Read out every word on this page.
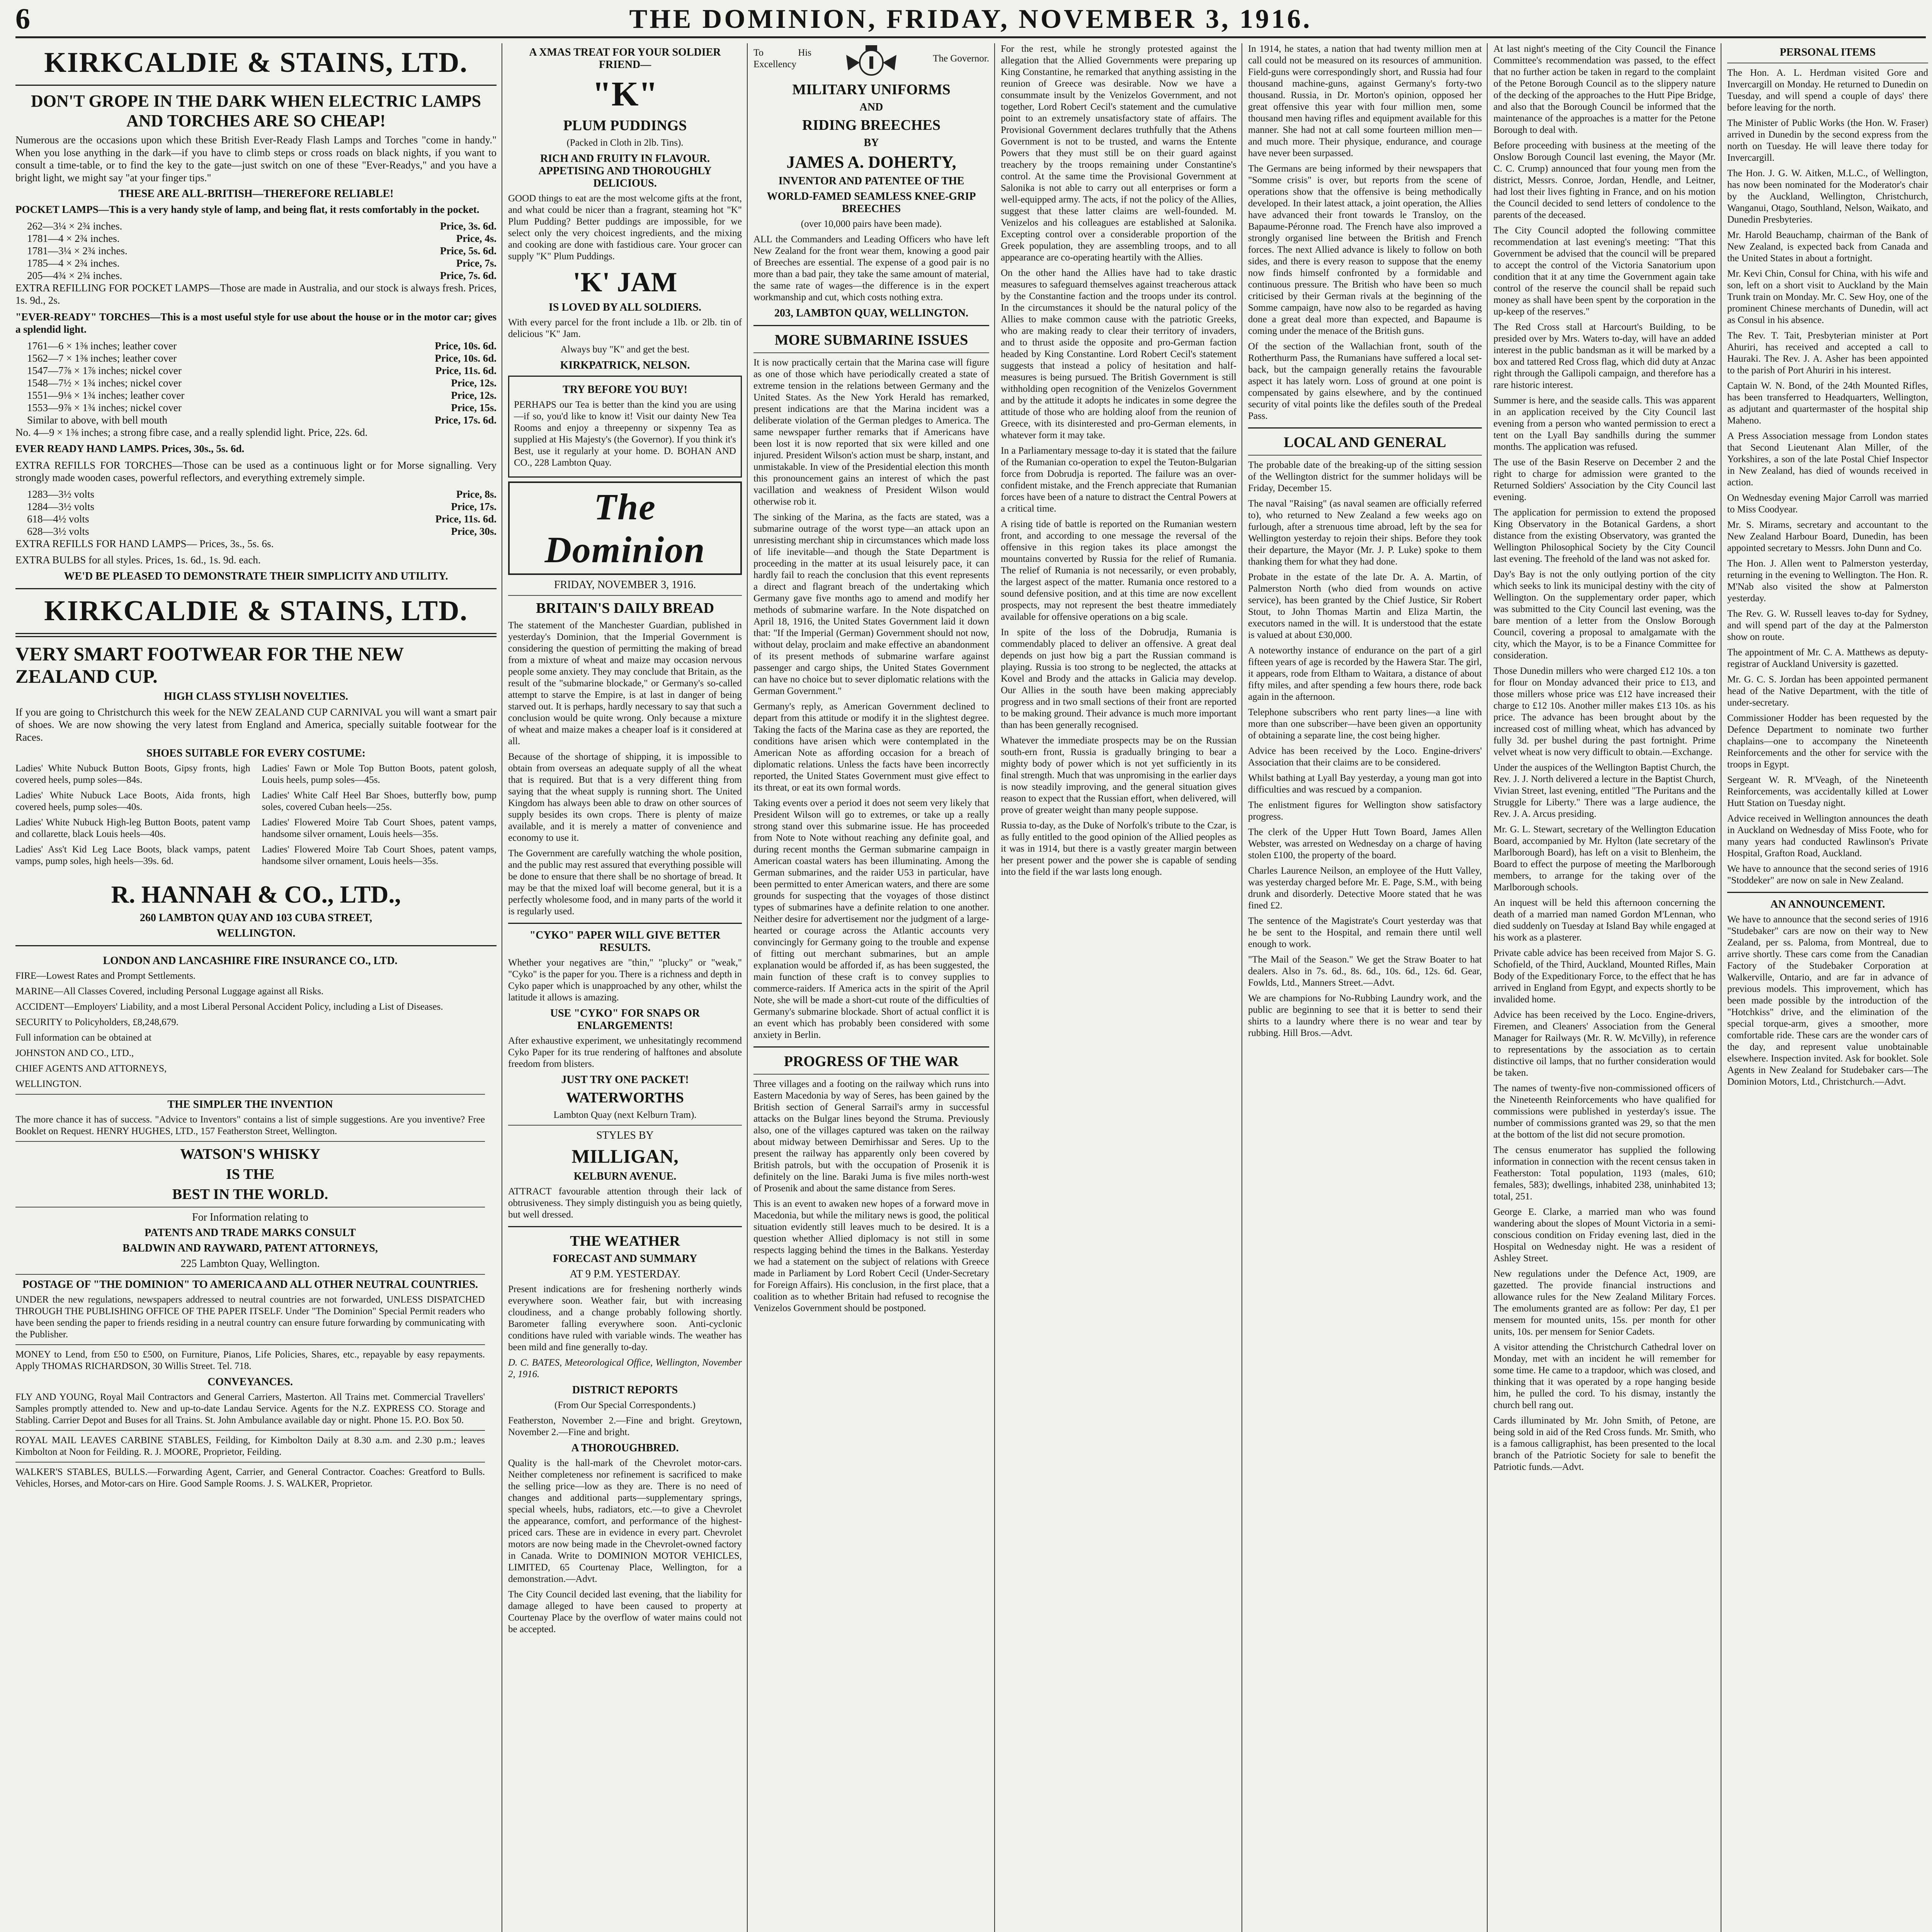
6	THE DOMINION, FRIDAY, NOVEMBER 3, 1916.
KIRKCALDIE & STAINS, LTD.
DON'T GROPE IN THE DARK WHEN ELECTRIC LAMPS AND TORCHES ARE SO CHEAP!

Numerous are the occasions upon which these British Ever-Ready Flash Lamps and Torches "come in handy." When you lose anything in the dark—if you have to climb steps or cross roads on black nights, if you want to consult a time-table, or to find the key to the gate—just switch on one of these "Ever-Readys," and you have a bright light, we might say "at your finger tips."

THESE ARE ALL-BRITISH—THEREFORE RELIABLE!

POCKET LAMPS—This is a very handy style of lamp, and being flat, it rests comfortably in the pocket.

262—3¼ × 2¾ inches.	Price, 3s. 6d.
1781—4 × 2¾ inches.	Price, 4s.
1781—3¼ × 2¾ inches.	Price, 5s. 6d.
1785—4 × 2¾ inches.	Price, 7s.
205—4¾ × 2¾ inches.	Price, 7s. 6d.

EXTRA REFILLING FOR POCKET LAMPS—Those are made in Australia, and our stock is always fresh. Prices, 1s. 9d., 2s.

"EVER-READY" TORCHES—This is a most useful style for use about the house or in the motor car; gives a splendid light.

1761—6 × 1⅜ inches; leather cover	Price, 10s. 6d.
1562—7 × 1⅜ inches; leather cover	Price, 10s. 6d.
1547—7⅞ × 1⅞ inches; nickel cover	Price, 11s. 6d.
1548—7½ × 1¾ inches; nickel cover	Price, 12s.
1551—9⅛ × 1¾ inches; leather cover	Price, 12s.
1553—9⅞ × 1¾ inches; nickel cover	Price, 15s.
Similar to above, with bell mouth	Price, 17s. 6d.

No. 4—9 × 1⅜ inches; a strong fibre case, and a really splendid light. Price, 22s. 6d.

EVER READY HAND LAMPS. Prices, 30s., 5s. 6d.

EXTRA REFILLS FOR TORCHES—Those can be used as a continuous light or for Morse signalling. Very strongly made wooden cases, powerful reflectors, and everything extremely simple.

1283—3½ volts	Price, 8s.
1284—3½ volts	Price, 17s.
618—4½ volts	Price, 11s. 6d.
628—3½ volts	Price, 30s.

EXTRA REFILLS FOR HAND LAMPS— Prices, 3s., 5s. 6s.

EXTRA BULBS for all styles. Prices, 1s. 6d., 1s. 9d. each.

WE'D BE PLEASED TO DEMONSTRATE THEIR SIMPLICITY AND UTILITY.
KIRKCALDIE & STAINS, LTD.
VERY SMART FOOTWEAR FOR THE NEW ZEALAND CUP.
HIGH CLASS STYLISH NOVELTIES.

If you are going to Christchurch this week for the NEW ZEALAND CUP CARNIVAL you will want a smart pair of shoes. We are now showing the very latest from England and America, specially suitable footwear for the Races.

SHOES SUITABLE FOR EVERY COSTUME:

Ladies' White Nubuck Button Boots, Gipsy fronts, high covered heels, pump soles—84s.

Ladies' White Nubuck Lace Boots, Aida fronts, high covered heels, pump soles—40s.

Ladies' White Nubuck High-leg Button Boots, patent vamp and collarette, black Louis heels—40s.

Ladies' Ass't Kid Leg Lace Boots, black vamps, patent vamps, pump soles, high heels—39s. 6d.

Ladies' Fawn or Mole Top Button Boots, patent golosh, Louis heels, pump soles—45s.

Ladies' White Calf Heel Bar Shoes, butterfly bow, pump soles, covered Cuban heels—25s.

Ladies' Flowered Moire Tab Court Shoes, patent vamps, handsome silver ornament, Louis heels—35s.

Ladies' Flowered Moire Tab Court Shoes, patent vamps, handsome silver ornament, Louis heels—35s.

R. HANNAH & CO., LTD.,
260 LAMBTON QUAY AND 103 CUBA STREET,
WELLINGTON.
LONDON AND LANCASHIRE FIRE INSURANCE CO., LTD.

FIRE—Lowest Rates and Prompt Settlements.

MARINE—All Classes Covered, including Personal Luggage against all Risks.

ACCIDENT—Employers' Liability, and a most Liberal Personal Accident Policy, including a List of Diseases.

SECURITY to Policyholders, £8,248,679.

Full information can be obtained at

JOHNSTON AND CO., LTD.,

CHIEF AGENTS AND ATTORNEYS,

WELLINGTON.

THE SIMPLER THE INVENTION

The more chance it has of success. "Advice to Inventors" contains a list of simple suggestions. Are you inventive? Free Booklet on Request. HENRY HUGHES, LTD., 157 Featherston Street, Wellington.

WATSON'S WHISKY
IS THE
BEST IN THE WORLD.
For Information relating to
PATENTS AND TRADE MARKS CONSULT
BALDWIN AND RAYWARD, PATENT ATTORNEYS,
225 Lambton Quay, Wellington.
POSTAGE OF "THE DOMINION" TO AMERICA AND ALL OTHER NEUTRAL COUNTRIES.

UNDER the new regulations, newspapers addressed to neutral countries are not forwarded, UNLESS DISPATCHED THROUGH THE PUBLISHING OFFICE OF THE PAPER ITSELF. Under "The Dominion" Special Permit readers who have been sending the paper to friends residing in a neutral country can ensure future forwarding by communicating with the Publisher.

MONEY to Lend, from £50 to £500, on Furniture, Pianos, Life Policies, Shares, etc., repayable by easy repayments. Apply THOMAS RICHARDSON, 30 Willis Street. Tel. 718.

CONVEYANCES.

FLY AND YOUNG, Royal Mail Contractors and General Carriers, Masterton. All Trains met. Commercial Travellers' Samples promptly attended to. New and up-to-date Landau Service. Agents for the N.Z. EXPRESS CO. Storage and Stabling. Carrier Depot and Buses for all Trains. St. John Ambulance available day or night. Phone 15. P.O. Box 50.

ROYAL MAIL LEAVES CARBINE STABLES, Feilding, for Kimbolton Daily at 8.30 a.m. and 2.30 p.m.; leaves Kimbolton at Noon for Feilding. R. J. MOORE, Proprietor, Feilding.

WALKER'S STABLES, BULLS.—Forwarding Agent, Carrier, and General Contractor. Coaches: Greatford to Bulls. Vehicles, Horses, and Motor-cars on Hire. Good Sample Rooms. J. S. WALKER, Proprietor.

A XMAS TREAT FOR YOUR SOLDIER FRIEND—
"K"
PLUM PUDDINGS
(Packed in Cloth in 2lb. Tins).
RICH AND FRUITY IN FLAVOUR. APPETISING AND THOROUGHLY DELICIOUS.

GOOD things to eat are the most welcome gifts at the front, and what could be nicer than a fragrant, steaming hot "K" Plum Pudding? Better puddings are impossible, for we select only the very choicest ingredients, and the mixing and cooking are done with fastidious care. Your grocer can supply "K" Plum Puddings.

'K' JAM
IS LOVED BY ALL SOLDIERS.

With every parcel for the front include a 1lb. or 2lb. tin of delicious "K" Jam.

Always buy "K" and get the best.

KIRKPATRICK, NELSON.
TRY BEFORE YOU BUY!

PERHAPS our Tea is better than the kind you are using—if so, you'd like to know it! Visit our dainty New Tea Rooms and enjoy a threepenny or sixpenny Tea as supplied at His Majesty's (the Governor). If you think it's Best, use it regularly at your home. D. BOHAN AND CO., 228 Lambton Quay.

The Dominion
FRIDAY, NOVEMBER 3, 1916.
BRITAIN'S DAILY BREAD

The statement of the Manchester Guardian, published in yesterday's Dominion, that the Imperial Government is considering the question of permitting the making of bread from a mixture of wheat and maize may occasion nervous people some anxiety. They may conclude that Britain, as the result of the "submarine blockade," or Germany's so-called attempt to starve the Empire, is at last in danger of being starved out. It is perhaps, hardly necessary to say that such a conclusion would be quite wrong. Only because a mixture of wheat and maize makes a cheaper loaf is it considered at all.

Because of the shortage of shipping, it is impossible to obtain from overseas an adequate supply of all the wheat that is required. But that is a very different thing from saying that the wheat supply is running short. The United Kingdom has always been able to draw on other sources of supply besides its own crops. There is plenty of maize available, and it is merely a matter of convenience and economy to use it.

The Government are carefully watching the whole position, and the public may rest assured that everything possible will be done to ensure that there shall be no shortage of bread. It may be that the mixed loaf will become general, but it is a perfectly wholesome food, and in many parts of the world it is regularly used.

"CYKO" PAPER WILL GIVE BETTER RESULTS.

Whether your negatives are "thin," "plucky" or "weak," "Cyko" is the paper for you. There is a richness and depth in Cyko paper which is unapproached by any other, whilst the latitude it allows is amazing.

USE "CYKO" FOR SNAPS OR ENLARGEMENTS!

After exhaustive experiment, we unhesitatingly recommend Cyko Paper for its true rendering of halftones and absolute freedom from blisters.

JUST TRY ONE PACKET!
WATERWORTHS
Lambton Quay (next Kelburn Tram).
STYLES BY
MILLIGAN,
KELBURN AVENUE.

ATTRACT favourable attention through their lack of obtrusiveness. They simply distinguish you as being quietly, but well dressed.

THE WEATHER
FORECAST AND SUMMARY
AT 9 P.M. YESTERDAY.

Present indications are for freshening northerly winds everywhere soon. Weather fair, but with increasing cloudiness, and a change probably following shortly. Barometer falling everywhere soon. Anti-cyclonic conditions have ruled with variable winds. The weather has been mild and fine generally to-day.

D. C. BATES, Meteorological Office, Wellington, November 2, 1916.

DISTRICT REPORTS
(From Our Special Correspondents.)

Featherston, November 2.—Fine and bright. Greytown, November 2.—Fine and bright.

A THOROUGHBRED.

Quality is the hall-mark of the Chevrolet motor-cars. Neither completeness nor refinement is sacrificed to make the selling price—low as they are. There is no need of changes and additional parts—supplementary springs, special wheels, hubs, radiators, etc.—to give a Chevrolet the appearance, comfort, and performance of the highest-priced cars. These are in evidence in every part. Chevrolet motors are now being made in the Chevrolet-owned factory in Canada. Write to DOMINION MOTOR VEHICLES, LIMITED, 65 Courtenay Place, Wellington, for a demonstration.—Advt.

The City Council decided last evening, that the liability for damage alleged to have been caused to property at Courtenay Place by the overflow of water mains could not be accepted.

To His Excellency
The Governor.
MILITARY UNIFORMS
AND
RIDING BREECHES
BY
JAMES A. DOHERTY,
INVENTOR AND PATENTEE OF THE
WORLD-FAMED SEAMLESS KNEE-GRIP BREECHES
(over 10,000 pairs have been made).

ALL the Commanders and Leading Officers who have left New Zealand for the front wear them, knowing a good pair of Breeches are essential. The expense of a good pair is no more than a bad pair, they take the same amount of material, the same rate of wages—the difference is in the expert workmanship and cut, which costs nothing extra.

203, LAMBTON QUAY, WELLINGTON.
MORE SUBMARINE ISSUES

It is now practically certain that the Marina case will figure as one of those which have periodically created a state of extreme tension in the relations between Germany and the United States. As the New York Herald has remarked, present indications are that the Marina incident was a deliberate violation of the German pledges to America. The same newspaper further remarks that if Americans have been lost it is now reported that six were killed and one injured. President Wilson's action must be sharp, instant, and unmistakable. In view of the Presidential election this month this pronouncement gains an interest of which the past vacillation and weakness of President Wilson would otherwise rob it.

The sinking of the Marina, as the facts are stated, was a submarine outrage of the worst type—an attack upon an unresisting merchant ship in circumstances which made loss of life inevitable—and though the State Department is proceeding in the matter at its usual leisurely pace, it can hardly fail to reach the conclusion that this event represents a direct and flagrant breach of the undertaking which Germany gave five months ago to amend and modify her methods of submarine warfare. In the Note dispatched on April 18, 1916, the United States Government laid it down that: "If the Imperial (German) Government should not now, without delay, proclaim and make effective an abandonment of its present methods of submarine warfare against passenger and cargo ships, the United States Government can have no choice but to sever diplomatic relations with the German Government."

Germany's reply, as American Government declined to depart from this attitude or modify it in the slightest degree. Taking the facts of the Marina case as they are reported, the conditions have arisen which were contemplated in the American Note as affording occasion for a breach of diplomatic relations. Unless the facts have been incorrectly reported, the United States Government must give effect to its threat, or eat its own formal words.

Taking events over a period it does not seem very likely that President Wilson will go to extremes, or take up a really strong stand over this submarine issue. He has proceeded from Note to Note without reaching any definite goal, and during recent months the German submarine campaign in American coastal waters has been illuminating. Among the German submarines, and the raider U53 in particular, have been permitted to enter American waters, and there are some grounds for suspecting that the voyages of those distinct types of submarines have a definite relation to one another. Neither desire for advertisement nor the judgment of a large-hearted or courage across the Atlantic accounts very convincingly for Germany going to the trouble and expense of fitting out merchant submarines, but an ample explanation would be afforded if, as has been suggested, the main function of these craft is to convey supplies to commerce-raiders. If America acts in the spirit of the April Note, she will be made a short-cut route of the difficulties of Germany's submarine blockade. Short of actual conflict it is an event which has probably been considered with some anxiety in Berlin.

PROGRESS OF THE WAR

Three villages and a footing on the railway which runs into Eastern Macedonia by way of Seres, has been gained by the British section of General Sarrail's army in successful attacks on the Bulgar lines beyond the Struma. Previously also, one of the villages captured was taken on the railway about midway between Demirhissar and Seres. Up to the present the railway has apparently only been covered by British patrols, but with the occupation of Prosenik it is definitely on the line. Baraki Juma is five miles north-west of Prosenik and about the same distance from Seres.

This is an event to awaken new hopes of a forward move in Macedonia, but while the military news is good, the political situation evidently still leaves much to be desired. It is a question whether Allied diplomacy is not still in some respects lagging behind the times in the Balkans. Yesterday we had a statement on the subject of relations with Greece made in Parliament by Lord Robert Cecil (Under-Secretary for Foreign Affairs). His conclusion, in the first place, that a coalition as to whether Britain had refused to recognise the Venizelos Government should be postponed.

For the rest, while he strongly protested against the allegation that the Allied Governments were preparing up King Constantine, he remarked that anything assisting in the reunion of Greece was desirable. Now we have a consummate insult by the Venizelos Government, and not together, Lord Robert Cecil's statement and the cumulative point to an extremely unsatisfactory state of affairs. The Provisional Government declares truthfully that the Athens Government is not to be trusted, and warns the Entente Powers that they must still be on their guard against treachery by the troops remaining under Constantine's control. At the same time the Provisional Government at Salonika is not able to carry out all enterprises or form a well-equipped army. The acts, if not the policy of the Allies, suggest that these latter claims are well-founded. M. Venizelos and his colleagues are established at Salonika. Excepting control over a considerable proportion of the Greek population, they are assembling troops, and to all appearance are co-operating heartily with the Allies.

On the other hand the Allies have had to take drastic measures to safeguard themselves against treacherous attack by the Constantine faction and the troops under its control. In the circumstances it should be the natural policy of the Allies to make common cause with the patriotic Greeks, who are making ready to clear their territory of invaders, and to thrust aside the opposite and pro-German faction headed by King Constantine. Lord Robert Cecil's statement suggests that instead a policy of hesitation and half-measures is being pursued. The British Government is still withholding open recognition of the Venizelos Government and by the attitude it adopts he indicates in some degree the attitude of those who are holding aloof from the reunion of Greece, with its disinterested and pro-German elements, in whatever form it may take.

In a Parliamentary message to-day it is stated that the failure of the Rumanian co-operation to expel the Teuton-Bulgarian force from Dobrudja is reported. The failure was an over-confident mistake, and the French appreciate that Rumanian forces have been of a nature to distract the Central Powers at a critical time.

A rising tide of battle is reported on the Rumanian western front, and according to one message the reversal of the offensive in this region takes its place amongst the mountains converted by Russia for the relief of Rumania. The relief of Rumania is not necessarily, or even probably, the largest aspect of the matter. Rumania once restored to a sound defensive position, and at this time are now excellent prospects, may not represent the best theatre immediately available for offensive operations on a big scale.

In spite of the loss of the Dobrudja, Rumania is commendably placed to deliver an offensive. A great deal depends on just how big a part the Russian command is playing. Russia is too strong to be neglected, the attacks at Kovel and Brody and the attacks in Galicia may develop. Our Allies in the south have been making appreciably progress and in two small sections of their front are reported to be making ground. Their advance is much more important than has been generally recognised.

Whatever the immediate prospects may be on the Russian south-ern front, Russia is gradually bringing to bear a mighty body of power which is not yet sufficiently in its final strength. Much that was unpromising in the earlier days is now steadily improving, and the general situation gives reason to expect that the Russian effort, when delivered, will prove of greater weight than many people suppose.

Russia to-day, as the Duke of Norfolk's tribute to the Czar, is as fully entitled to the good opinion of the Allied peoples as it was in 1914, but there is a vastly greater margin between her present power and the power she is capable of sending into the field if the war lasts long enough.

In 1914, he states, a nation that had twenty million men at call could not be measured on its resources of ammunition. Field-guns were correspondingly short, and Russia had four thousand machine-guns, against Germany's forty-two thousand. Russia, in Dr. Morton's opinion, opposed her great offensive this year with four million men, some thousand men having rifles and equipment available for this manner. She had not at call some fourteen million men—and much more. Their physique, endurance, and courage have never been surpassed.

The Germans are being informed by their newspapers that "Somme crisis" is over, but reports from the scene of operations show that the offensive is being methodically developed. In their latest attack, a joint operation, the Allies have advanced their front towards le Transloy, on the Bapaume-Péronne road. The French have also improved a strongly organised line between the British and French forces. The next Allied advance is likely to follow on both sides, and there is every reason to suppose that the enemy now finds himself confronted by a formidable and continuous pressure. The British who have been so much criticised by their German rivals at the beginning of the Somme campaign, have now also to be regarded as having done a great deal more than expected, and Bapaume is coming under the menace of the British guns.

Of the section of the Wallachian front, south of the Rotherthurm Pass, the Rumanians have suffered a local set-back, but the campaign generally retains the favourable aspect it has lately worn. Loss of ground at one point is compensated by gains elsewhere, and by the continued security of vital points like the defiles south of the Predeal Pass.

LOCAL AND GENERAL

The probable date of the breaking-up of the sitting session of the Wellington district for the summer holidays will be Friday, December 15.

The naval "Raising" (as naval seamen are officially referred to), who returned to New Zealand a few weeks ago on furlough, after a strenuous time abroad, left by the sea for Wellington yesterday to rejoin their ships. Before they took their departure, the Mayor (Mr. J. P. Luke) spoke to them thanking them for what they had done.

Probate in the estate of the late Dr. A. A. Martin, of Palmerston North (who died from wounds on active service), has been granted by the Chief Justice, Sir Robert Stout, to John Thomas Martin and Eliza Martin, the executors named in the will. It is understood that the estate is valued at about £30,000.

A noteworthy instance of endurance on the part of a girl fifteen years of age is recorded by the Hawera Star. The girl, it appears, rode from Eltham to Waitara, a distance of about fifty miles, and after spending a few hours there, rode back again in the afternoon.

Telephone subscribers who rent party lines—a line with more than one subscriber—have been given an opportunity of obtaining a separate line, the cost being higher.

Advice has been received by the Loco. Engine-drivers' Association that their claims are to be considered.

Whilst bathing at Lyall Bay yesterday, a young man got into difficulties and was rescued by a companion.

The enlistment figures for Wellington show satisfactory progress.

The clerk of the Upper Hutt Town Board, James Allen Webster, was arrested on Wednesday on a charge of having stolen £100, the property of the board.

Charles Laurence Neilson, an employee of the Hutt Valley, was yesterday charged before Mr. E. Page, S.M., with being drunk and disorderly. Detective Moore stated that he was fined £2.

The sentence of the Magistrate's Court yesterday was that he be sent to the Hospital, and remain there until well enough to work.

"The Mail of the Season." We get the Straw Boater to hat dealers. Also in 7s. 6d., 8s. 6d., 10s. 6d., 12s. 6d. Gear, Fowlds, Ltd., Manners Street.—Advt.

We are champions for No-Rubbing Laundry work, and the public are beginning to see that it is better to send their shirts to a laundry where there is no wear and tear by rubbing. Hill Bros.—Advt.

At last night's meeting of the City Council the Finance Committee's recommendation was passed, to the effect that no further action be taken in regard to the complaint of the Petone Borough Council as to the slippery nature of the decking of the approaches to the Hutt Pipe Bridge, and also that the Borough Council be informed that the maintenance of the approaches is a matter for the Petone Borough to deal with.

Before proceeding with business at the meeting of the Onslow Borough Council last evening, the Mayor (Mr. C. C. Crump) announced that four young men from the district, Messrs. Conroe, Jordan, Hendle, and Leitner, had lost their lives fighting in France, and on his motion the Council decided to send letters of condolence to the parents of the deceased.

The City Council adopted the following committee recommendation at last evening's meeting: "That this Government be advised that the council will be prepared to accept the control of the Victoria Sanatorium upon condition that it at any time the Government again take control of the reserve the council shall be repaid such money as shall have been spent by the corporation in the up-keep of the reserves."

The Red Cross stall at Harcourt's Building, to be presided over by Mrs. Waters to-day, will have an added interest in the public bandsman as it will be marked by a box and tattered Red Cross flag, which did duty at Anzac right through the Gallipoli campaign, and therefore has a rare historic interest.

Summer is here, and the seaside calls. This was apparent in an application received by the City Council last evening from a person who wanted permission to erect a tent on the Lyall Bay sandhills during the summer months. The application was refused.

The use of the Basin Reserve on December 2 and the right to charge for admission were granted to the Returned Soldiers' Association by the City Council last evening.

The application for permission to extend the proposed King Observatory in the Botanical Gardens, a short distance from the existing Observatory, was granted the Wellington Philosophical Society by the City Council last evening. The freehold of the land was not asked for.

Day's Bay is not the only outlying portion of the city which seeks to link its municipal destiny with the city of Wellington. On the supplementary order paper, which was submitted to the City Council last evening, was the bare mention of a letter from the Onslow Borough Council, covering a proposal to amalgamate with the city, which the Mayor, is to be a Finance Committee for consideration.

Those Dunedin millers who were charged £12 10s. a ton for flour on Monday advanced their price to £13, and those millers whose price was £12 have increased their charge to £12 10s. Another miller makes £13 10s. as his price. The advance has been brought about by the increased cost of milling wheat, which has advanced by fully 3d. per bushel during the past fortnight. Prime velvet wheat is now very difficult to obtain.—Exchange.

Under the auspices of the Wellington Baptist Church, the Rev. J. J. North delivered a lecture in the Baptist Church, Vivian Street, last evening, entitled "The Puritans and the Struggle for Liberty." There was a large audience, the Rev. J. A. Arcus presiding.

Mr. G. L. Stewart, secretary of the Wellington Education Board, accompanied by Mr. Hylton (late secretary of the Marlborough Board), has left on a visit to Blenheim, the Board to effect the purpose of meeting the Marlborough members, to arrange for the taking over of the Marlborough schools.

An inquest will be held this afternoon concerning the death of a married man named Gordon M'Lennan, who died suddenly on Tuesday at Island Bay while engaged at his work as a plasterer.

Private cable advice has been received from Major S. G. Schofield, of the Third, Auckland, Mounted Rifles, Main Body of the Expeditionary Force, to the effect that he has arrived in England from Egypt, and expects shortly to be invalided home.

Advice has been received by the Loco. Engine-drivers, Firemen, and Cleaners' Association from the General Manager for Railways (Mr. R. W. McVilly), in reference to representations by the association as to certain distinctive oil lamps, that no further consideration would be taken.

The names of twenty-five non-commissioned officers of the Nineteenth Reinforcements who have qualified for commissions were published in yesterday's issue. The number of commissions granted was 29, so that the men at the bottom of the list did not secure promotion.

The census enumerator has supplied the following information in connection with the recent census taken in Featherston: Total population, 1193 (males, 610; females, 583); dwellings, inhabited 238, uninhabited 13; total, 251.

George E. Clarke, a married man who was found wandering about the slopes of Mount Victoria in a semi-conscious condition on Friday evening last, died in the Hospital on Wednesday night. He was a resident of Ashley Street.

New regulations under the Defence Act, 1909, are gazetted. The provide financial instructions and allowance rules for the New Zealand Military Forces. The emoluments granted are as follow: Per day, £1 per mensem for mounted units, 15s. per month for other units, 10s. per mensem for Senior Cadets.

A visitor attending the Christchurch Cathedral lover on Monday, met with an incident he will remember for some time. He came to a trapdoor, which was closed, and thinking that it was operated by a rope hanging beside him, he pulled the cord. To his dismay, instantly the church bell rang out.

Cards illuminated by Mr. John Smith, of Petone, are being sold in aid of the Red Cross funds. Mr. Smith, who is a famous calligraphist, has been presented to the local branch of the Patriotic Society for sale to benefit the Patriotic funds.—Advt.

PERSONAL ITEMS

The Hon. A. L. Herdman visited Gore and Invercargill on Monday. He returned to Dunedin on Tuesday, and will spend a couple of days' there before leaving for the north.

The Minister of Public Works (the Hon. W. Fraser) arrived in Dunedin by the second express from the north on Tuesday. He will leave there today for Invercargill.

The Hon. J. G. W. Aitken, M.L.C., of Wellington, has now been nominated for the Moderator's chair by the Auckland, Wellington, Christchurch, Wanganui, Otago, Southland, Nelson, Waikato, and Dunedin Presbyteries.

Mr. Harold Beauchamp, chairman of the Bank of New Zealand, is expected back from Canada and the United States in about a fortnight.

Mr. Kevi Chin, Consul for China, with his wife and son, left on a short visit to Auckland by the Main Trunk train on Monday. Mr. C. Sew Hoy, one of the prominent Chinese merchants of Dunedin, will act as Consul in his absence.

The Rev. T. Tait, Presbyterian minister at Port Ahuriri, has received and accepted a call to Hauraki. The Rev. J. A. Asher has been appointed to the parish of Port Ahuriri in his interest.

Captain W. N. Bond, of the 24th Mounted Rifles, has been transferred to Headquarters, Wellington, as adjutant and quartermaster of the hospital ship Maheno.

A Press Association message from London states that Second Lieutenant Alan Miller, of the Yorkshires, a son of the late Postal Chief Inspector in New Zealand, has died of wounds received in action.

On Wednesday evening Major Carroll was married to Miss Coodyear.

Mr. S. Mirams, secretary and accountant to the New Zealand Harbour Board, Dunedin, has been appointed secretary to Messrs. John Dunn and Co.

The Hon. J. Allen went to Palmerston yesterday, returning in the evening to Wellington. The Hon. R. M'Nab also visited the show at Palmerston yesterday.

The Rev. G. W. Russell leaves to-day for Sydney, and will spend part of the day at the Palmerston show on route.

The appointment of Mr. C. A. Matthews as deputy-registrar of Auckland University is gazetted.

Mr. G. C. S. Jordan has been appointed permanent head of the Native Department, with the title of under-secretary.

Commissioner Hodder has been requested by the Defence Department to nominate two further chaplains—one to accompany the Nineteenth Reinforcements and the other for service with the troops in Egypt.

Sergeant W. R. M'Veagh, of the Nineteenth Reinforcements, was accidentally killed at Lower Hutt Station on Tuesday night.

Advice received in Wellington announces the death in Auckland on Wednesday of Miss Foote, who for many years had conducted Rawlinson's Private Hospital, Grafton Road, Auckland.

We have to announce that the second series of 1916 "Stoddeker" are now on sale in New Zealand.

AN ANNOUNCEMENT.

We have to announce that the second series of 1916 "Studebaker" cars are now on their way to New Zealand, per ss. Paloma, from Montreal, due to arrive shortly. These cars come from the Canadian Factory of the Studebaker Corporation at Walkerville, Ontario, and are far in advance of previous models. This improvement, which has been made possible by the introduction of the "Hotchkiss" drive, and the elimination of the special torque-arm, gives a smoother, more comfortable ride. These cars are the wonder cars of the day, and represent value unobtainable elsewhere. Inspection invited. Ask for booklet. Sole Agents in New Zealand for Studebaker cars—The Dominion Motors, Ltd., Christchurch.—Advt.
